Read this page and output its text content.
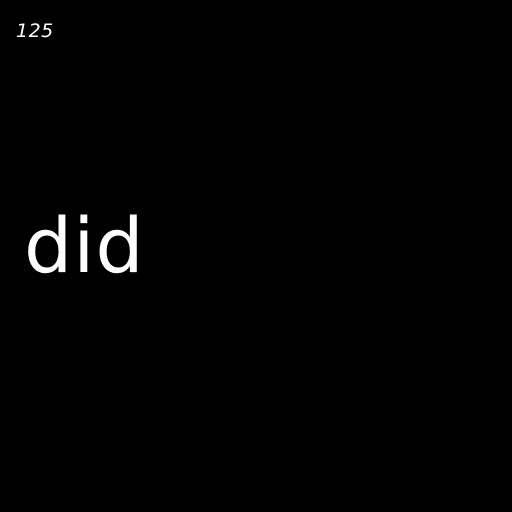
125
did
